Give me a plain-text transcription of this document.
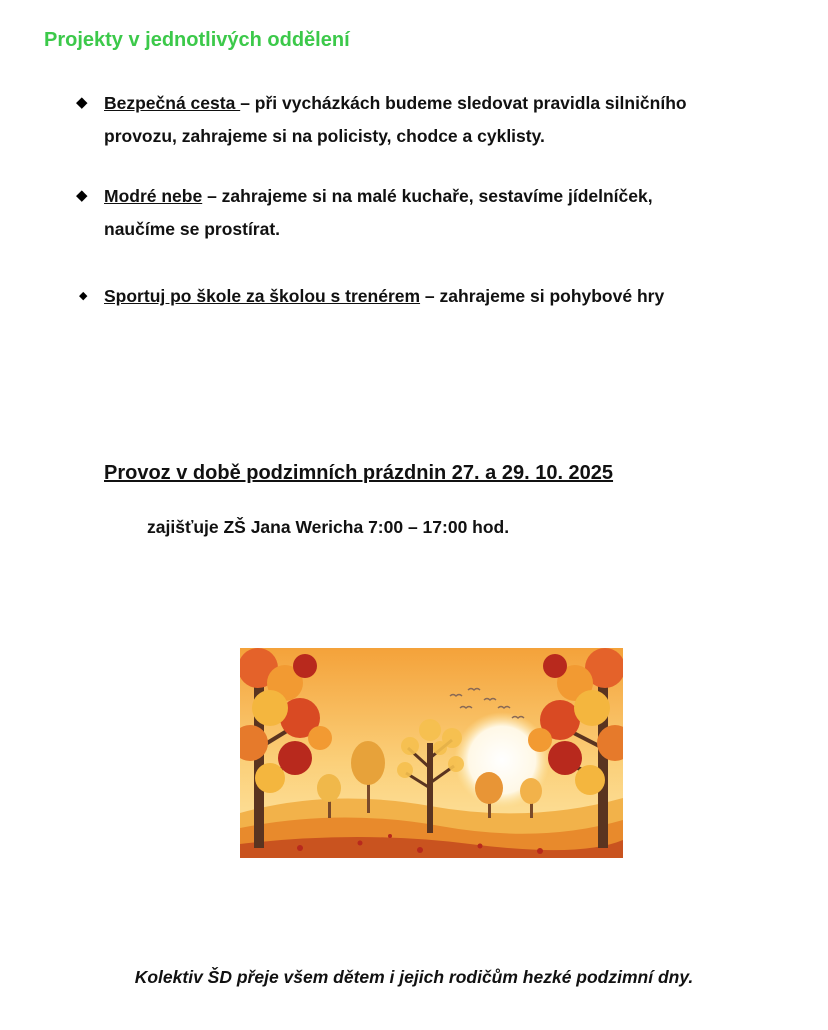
Projekty v jednotlivých oddělení
◆ Bezpečná cesta – při vycházkách budeme sledovat pravidla silničního
provozu, zahrajeme si na policisty, chodce a cyklisty.
◆ Modré nebe – zahrajeme si na malé kuchaře, sestavíme jídelníček,
naučíme se prostírat.
◆ Sportuj po škole za školou s trenérem – zahrajeme si pohybové hry
Provoz v době podzimních prázdnin 27. a 29. 10. 2025
zajišťuje ZŠ Jana Wericha 7:00 – 17:00 hod.
Kolektiv ŠD přeje všem dětem i jejich rodičům hezké podzimní dny.
